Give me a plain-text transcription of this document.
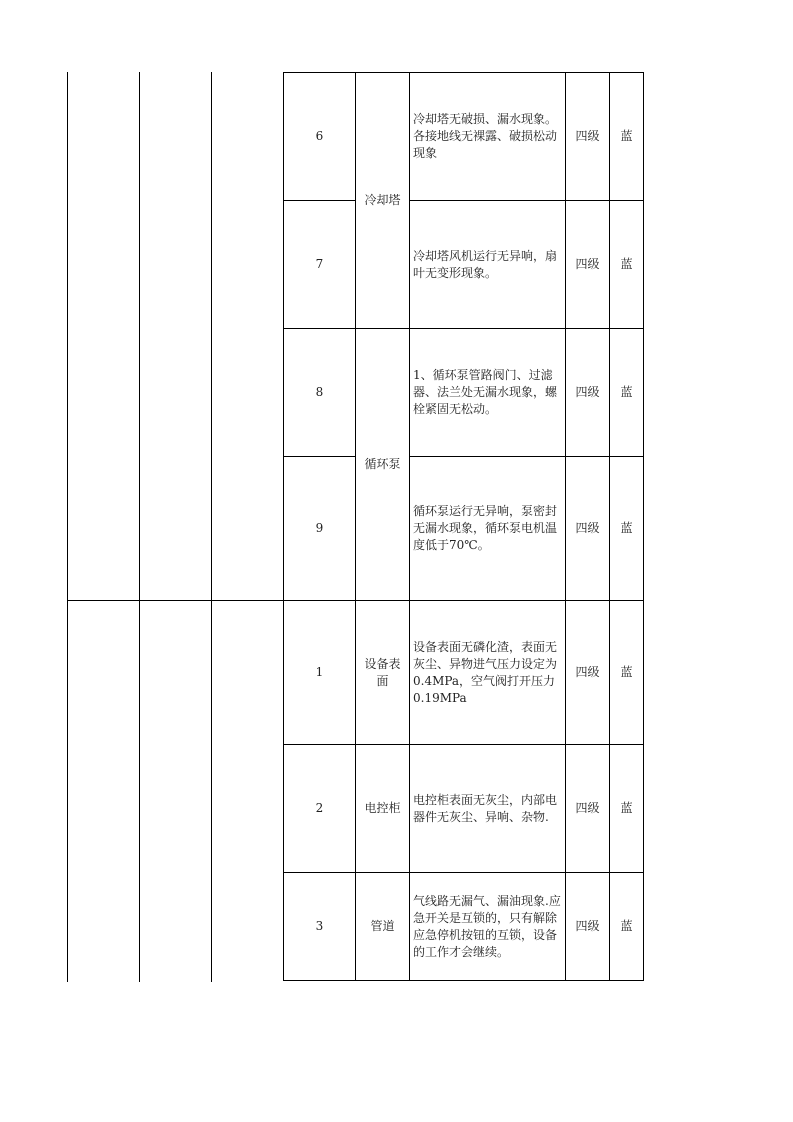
6
冷却塔无破损、漏水现象。各接地线无裸露、破损松动现象
四级 蓝
冷却塔
7
冷却塔风机运行无异响，扇叶无变形现象。
四级 蓝
8
1、循环泵管路阀门、过滤器、法兰处无漏水现象，螺栓紧固无松动。
四级 蓝
循环泵
9
循环泵运行无异响，泵密封无漏水现象，循环泵电机温度低于70℃。
四级 蓝
1
设备表面
设备表面无磷化渣，表面无灰尘、异物进气压力设定为0.4MPa，空气阀打开压力0.19MPa
四级 蓝
2	电控柜
电控柜表面无灰尘，内部电器件无灰尘、异响、杂物.
四级 蓝
3	管道
气线路无漏气、漏油现象.应急开关是互锁的，只有解除应急停机按钮的互锁，设备的工作才会继续。
四级 蓝
